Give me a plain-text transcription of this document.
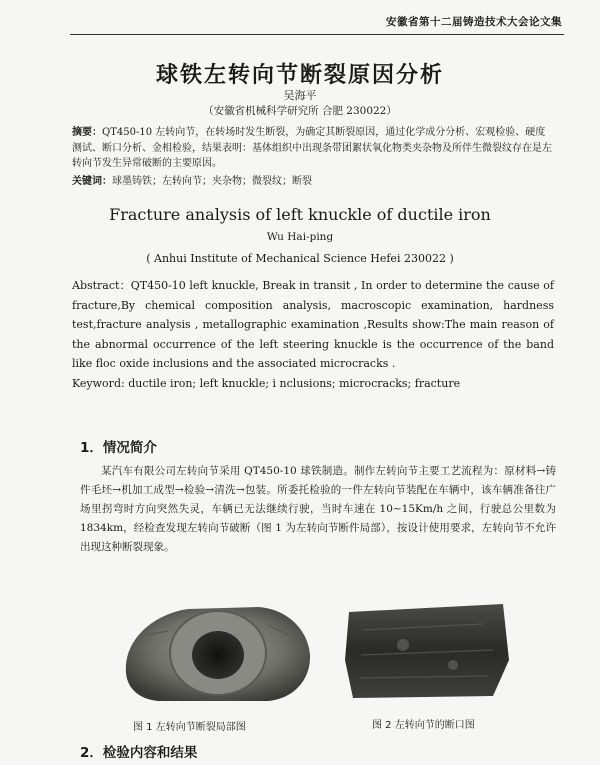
安徽省第十二届铸造技术大会论文集
球铁左转向节断裂原因分析
吴海平
（安徽省机械科学研究所 合肥 230022）
摘要：QT450-10 左转向节，在转场时发生断裂，为确定其断裂原因，通过化学成分分析、宏观检验、硬度测试、断口分析、金相检验，结果表明：基体组织中出现条带团絮状氧化物类夹杂物及所伴生微裂纹存在是左转向节发生异常破断的主要原因。
关键词：球墨铸铁；左转向节；夹杂物；微裂纹；断裂
Fracture analysis of left knuckle of ductile iron
Wu Hai-ping
( Anhui Institute of Mechanical Science Hefei 230022 )
Abstract：QT450-10 left knuckle, Break in transit , In order to determine the cause of fracture,By chemical composition analysis, macroscopic examination, hardness test,fracture analysis , metallographic examination ,Results show:The main reason of the abnormal occurrence of the left steering knuckle is the occurrence of the band like floc oxide inclusions and the associated microcracks .
Keyword: ductile iron; left knuckle; i nclusions; microcracks; fracture
1．情况简介
某汽车有限公司左转向节采用 QT450-10 球铁制造。制作左转向节主要工艺流程为：原材料→铸件毛坯→机加工成型→检验→清洗→包装。所委托检验的一件左转向节装配在车辆中，该车辆准备往广场里拐弯时方向突然失灵，车辆已无法继续行驶，当时车速在 10~15Km/h 之间，行驶总公里数为 1834km，经检查发现左转向节破断（图 1 为左转向节断件局部），按设计使用要求，左转向节不允许出现这种断裂现象。
图 1 左转向节断裂局部图	图 2 左转向节的断口图
2．检验内容和结果
